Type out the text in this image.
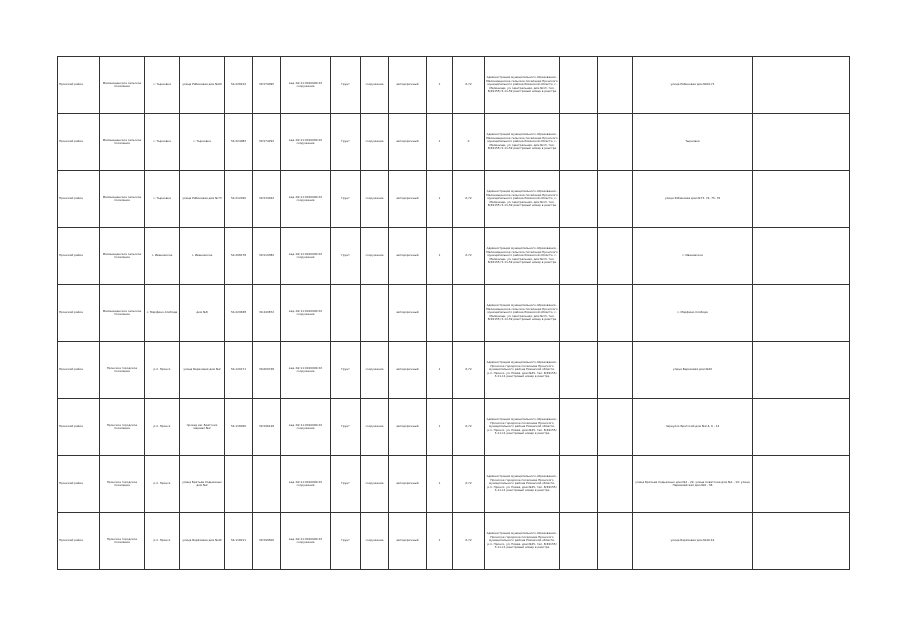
Пронский район	Малинищенское сельское поселение	с. Тырновка	улица Рябиновая дом №69	54.228212	39.579095	кад.:62:11:0010000:ХХ сооружение	Грунт	сооружение	автодорожный	1	0,72	Администрация муниципального образования - Малинищенское сельское поселение Пронского муниципального района Рязанской области, с. Малинищи, ул. Центральная, дом №13, тел. 8(49155) 5-11-59 реестровый номер в реестре			улица Рябиновая дом №69-71	
Пронский район	Малинищенское сельское поселение	с. Тырновка	с. Тырновка	54.224083	39.574292	кад.:62:11:0010000:ХХ сооружение	Грунт	сооружение	автодорожный	1	0	Администрация муниципального образования - Малинищенское сельское поселение Пронского муниципального района Рязанской области, с. Малинищи, ул. Центральная, дом №13, тел. 8(49155) 5-11-59 реестровый номер в реестре			Тырновка	
Пронский район	Малинищенское сельское поселение	с. Тырновка	улица Рябиновая дом №73	54.212020	39.534042	кад.:62:11:0010000:ХХ сооружение	Грунт	сооружение	автодорожный	1	0,72	Администрация муниципального образования - Малинищенское сельское поселение Пронского муниципального района Рязанской области, с. Малинищи, ул. Центральная, дом №13, тел. 8(49155) 5-11-59 реестровый номер в реестре			улица Рябиновая дом №73, 74, 75, 76	
Пронский район	Малинищенское сельское поселение	с. Ивановское	с. Ивановское	54.208178	39.510382	кад.:62:11:0010000:ХХ сооружение	Грунт	сооружение	автодорожный	1	0,72	Администрация муниципального образования - Малинищенское сельское поселение Пронского муниципального района Рязанской области, с. Малинищи, ул. Центральная, дом №13, тел. 8(49155) 5-11-59 реестровый номер в реестре			с. Ивановское	
Пронский район	Малинищенское сельское поселение	с. Марфино-Слобода	дом №8	54.229638	39.440872	кад.:62:11:0010000:ХХ сооружение			автодорожный			Администрация муниципального образования - Малинищенское сельское поселение Пронского муниципального района Рязанской области, с. Малинищи, ул. Центральная, дом №13, тел. 8(49155) 5-11-59 реестровый номер в реестре			с. Марфино-Слобода	
Пронский район	Пронское городское поселение	р.п. Пронск	улица Березовая дом №2	54.120171	39.600748	кад.:62:11:0010000:ХХ сооружение	Грунт	сооружение	автодорожный	1	0,72	Администрация муниципального образования - Пронское городское поселение Пронского муниципального района Рязанской области, р.п. Пронск, ул. Новая, дом №25, тел. 8(49155) 3-11-11 реестровый номер в реестре			улица Березовая дом №20	
Пронский район	Пронское городское поселение	р.п. Пронск	проезд им. Братских маршал №2	54.118020	39.596128	кад.:62:11:0010000:ХХ сооружение	Грунт	сооружение	автодорожный	1	0,72	Администрация муниципального образования - Пронское городское поселение Пронского муниципального района Рязанской области, р.п. Пронск, ул. Новая, дом №25, тел. 8(49155) 3-11-11 реестровый номер в реестре			переулок Братский дом №2-4, 6 - 12	
Пронский район	Пронское городское поселение	р.п. Пронск	улица Братьев Ходыкиных дом №2			кад.:62:11:0010000:ХХ сооружение	Грунт	сооружение	автодорожный	1	0,72	Администрация муниципального образования - Пронское городское поселение Пронского муниципального района Рязанской области, р.п. Пронск, ул. Новая, дом №25, тел. 8(49155) 3-11-11 реестровый номер в реестре			улица Братьев Ходыкиных дом №2 - 22; улица Советская дом №1 - 10; улица Первомайская дом №6 - 36	
Пронский район	Пронское городское поселение	р.п. Пронск	улица Берёзовая дом №40	54.118211	39.590500	кад.:62:11:0010000:ХХ сооружение	Грунт	сооружение	автодорожный	1	0,72	Администрация муниципального образования - Пронское городское поселение Пронского муниципального района Рязанской области, р.п. Пронск, ул. Новая, дом №25, тел. 8(49155) 3-11-11 реестровый номер в реестре			улица Берёзовая дом №40-42	
